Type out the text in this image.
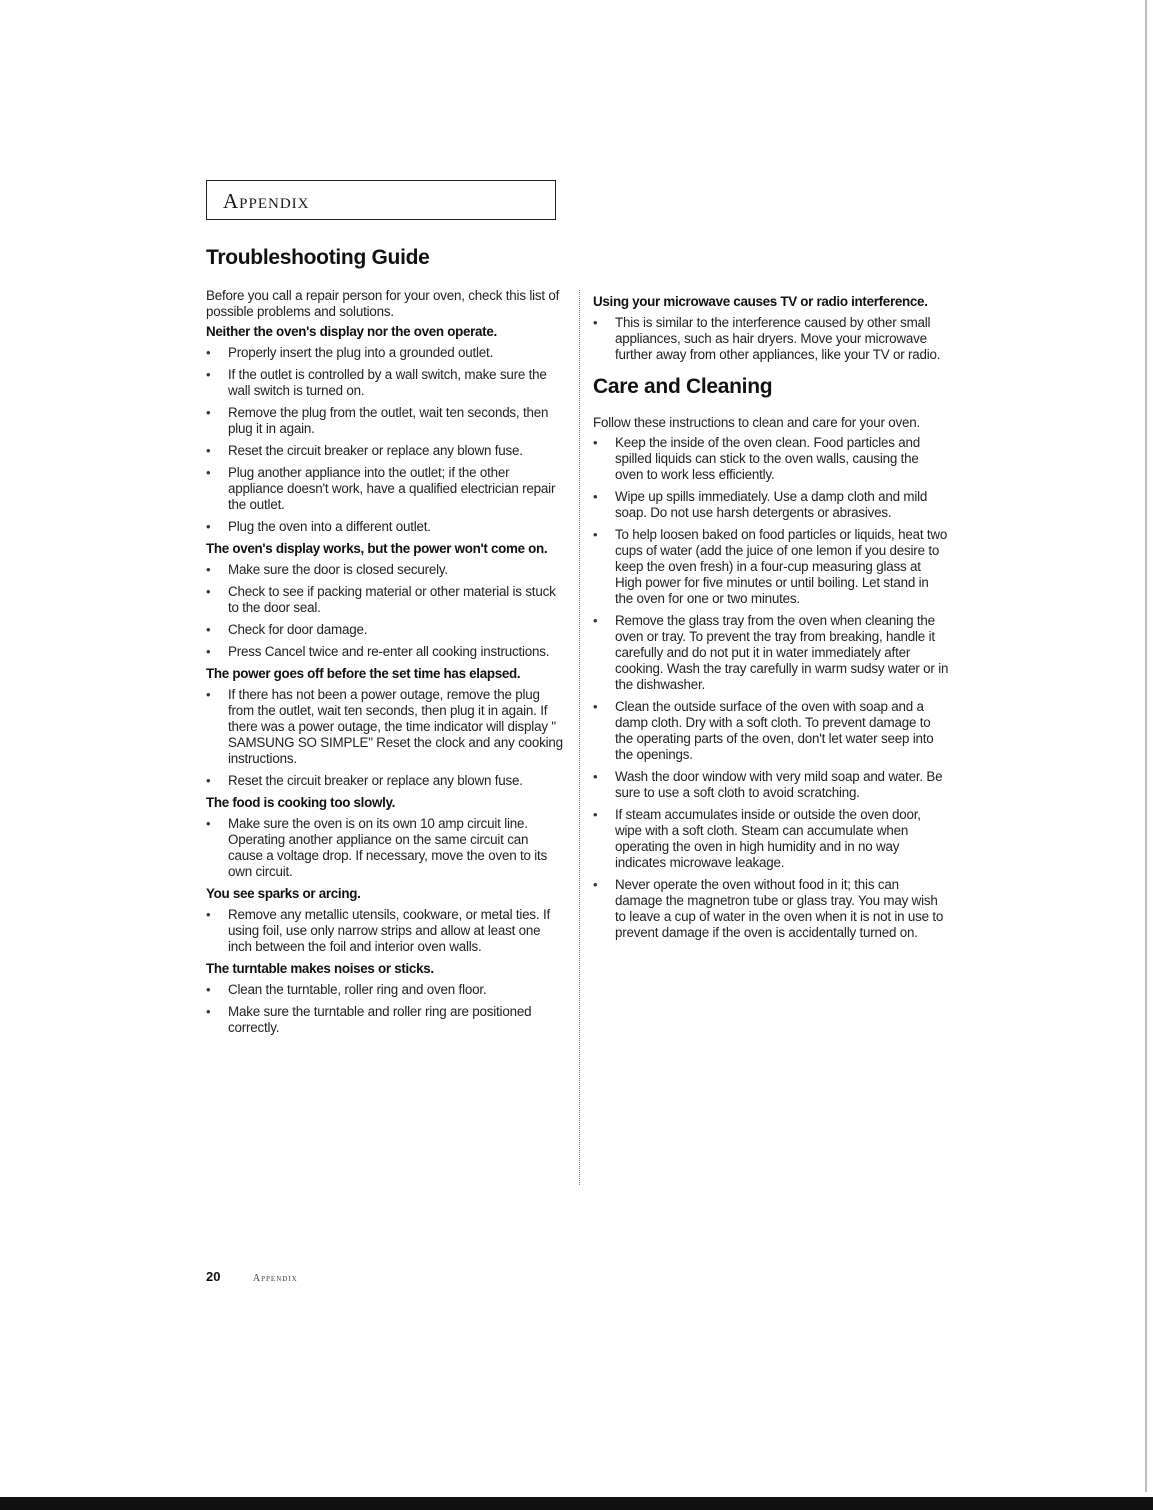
Appendix
Troubleshooting Guide

Before you call a repair person for your oven, check this list of possible problems and solutions.

Neither the oven's display nor the oven operate.
• Properly insert the plug into a grounded outlet.
• If the outlet is controlled by a wall switch, make sure the wall switch is turned on.
• Remove the plug from the outlet, wait ten seconds, then plug it in again.
• Reset the circuit breaker or replace any blown fuse.
• Plug another appliance into the outlet; if the other appliance doesn't work, have a qualified electrician repair the outlet.
• Plug the oven into a different outlet.
The oven's display works, but the power won't come on.
• Make sure the door is closed securely.
• Check to see if packing material or other material is stuck to the door seal.
• Check for door damage.
• Press Cancel twice and re-enter all cooking instructions.
The power goes off before the set time has elapsed.
• If there has not been a power outage, remove the plug from the outlet, wait ten seconds, then plug it in again. If there was a power outage, the time indicator will display " SAMSUNG SO SIMPLE" Reset the clock and any cooking instructions.
• Reset the circuit breaker or replace any blown fuse.
The food is cooking too slowly.
• Make sure the oven is on its own 10 amp circuit line. Operating another appliance on the same circuit can cause a voltage drop. If necessary, move the oven to its own circuit.
You see sparks or arcing.
• Remove any metallic utensils, cookware, or metal ties. If using foil, use only narrow strips and allow at least one inch between the foil and interior oven walls.
The turntable makes noises or sticks.
• Clean the turntable, roller ring and oven floor.
• Make sure the turntable and roller ring are positioned correctly.
Using your microwave causes TV or radio interference.
• This is similar to the interference caused by other small appliances, such as hair dryers. Move your microwave further away from other appliances, like your TV or radio.
Care and Cleaning

Follow these instructions to clean and care for your oven.

• Keep the inside of the oven clean. Food particles and spilled liquids can stick to the oven walls, causing the oven to work less efficiently.
• Wipe up spills immediately. Use a damp cloth and mild soap. Do not use harsh detergents or abrasives.
• To help loosen baked on food particles or liquids, heat two cups of water (add the juice of one lemon if you desire to keep the oven fresh) in a four-cup measuring glass at High power for five minutes or until boiling. Let stand in the oven for one or two minutes.
• Remove the glass tray from the oven when cleaning the oven or tray. To prevent the tray from breaking, handle it carefully and do not put it in water immediately after cooking. Wash the tray carefully in warm sudsy water or in the dishwasher.
• Clean the outside surface of the oven with soap and a damp cloth. Dry with a soft cloth. To prevent damage to the operating parts of the oven, don't let water seep into the openings.
• Wash the door window with very mild soap and water. Be sure to use a soft cloth to avoid scratching.
• If steam accumulates inside or outside the oven door, wipe with a soft cloth. Steam can accumulate when operating the oven in high humidity and in no way indicates microwave leakage.
• Never operate the oven without food in it; this can damage the magnetron tube or glass tray. You may wish to leave a cup of water in the oven when it is not in use to prevent damage if the oven is accidentally turned on.
20	Appendix
